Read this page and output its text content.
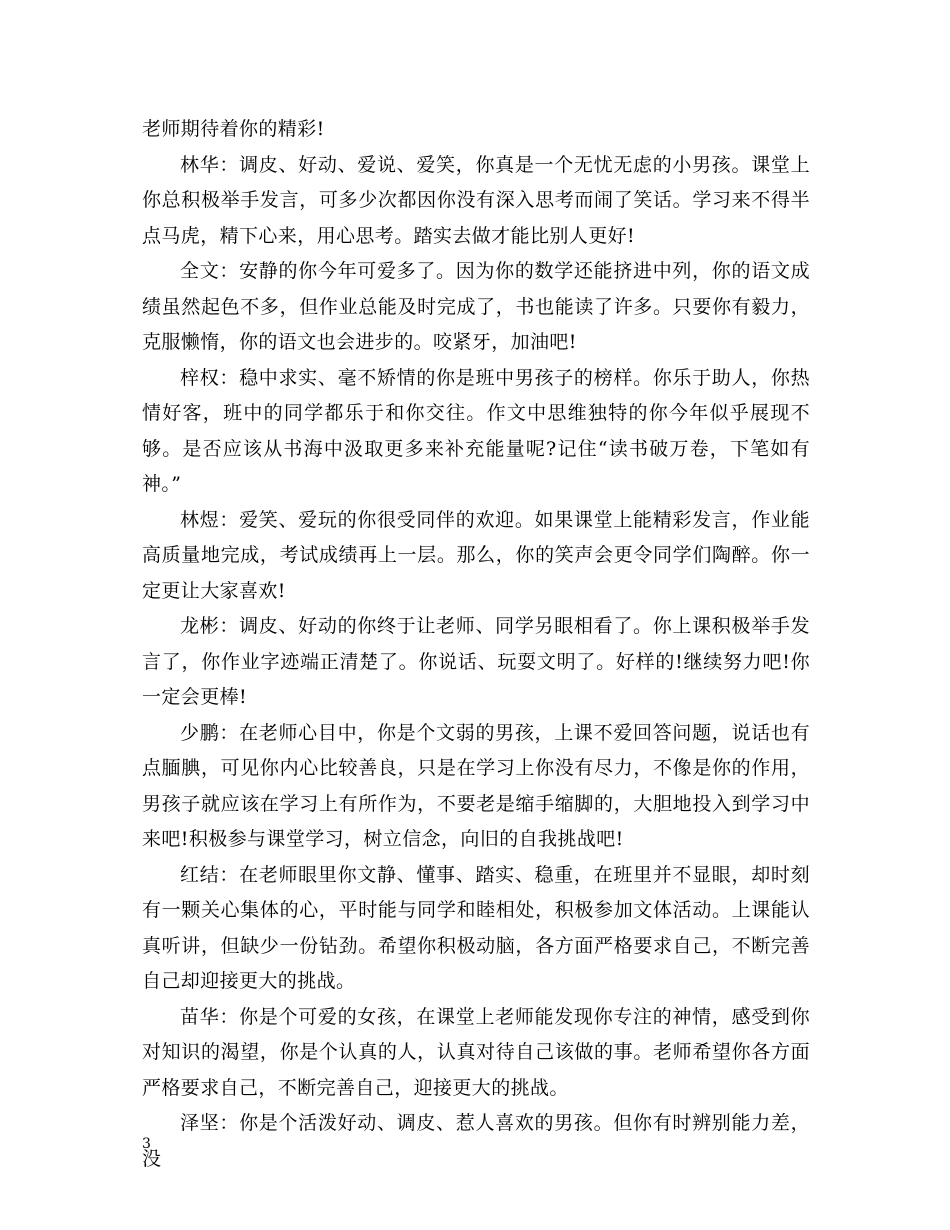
老师期待着你的精彩!

林华：调皮、好动、爱说、爱笑，你真是一个无忧无虑的小男孩。课堂上你总积极举手发言，可多少次都因你没有深入思考而闹了笑话。学习来不得半点马虎，精下心来，用心思考。踏实去做才能比别人更好!

全文：安静的你今年可爱多了。因为你的数学还能挤进中列，你的语文成绩虽然起色不多，但作业总能及时完成了，书也能读了许多。只要你有毅力，克服懒惰，你的语文也会进步的。咬紧牙，加油吧!

梓权：稳中求实、毫不矫情的你是班中男孩子的榜样。你乐于助人，你热情好客，班中的同学都乐于和你交往。作文中思维独特的你今年似乎展现不够。是否应该从书海中汲取更多来补充能量呢?记住“读书破万卷，下笔如有神。”

林煜：爱笑、爱玩的你很受同伴的欢迎。如果课堂上能精彩发言，作业能高质量地完成，考试成绩再上一层。那么，你的笑声会更令同学们陶醉。你一定更让大家喜欢!

龙彬：调皮、好动的你终于让老师、同学另眼相看了。你上课积极举手发言了，你作业字迹端正清楚了。你说话、玩耍文明了。好样的!继续努力吧!你一定会更棒!

少鹏：在老师心目中，你是个文弱的男孩，上课不爱回答问题，说话也有点腼腆，可见你内心比较善良，只是在学习上你没有尽力，不像是你的作用，男孩子就应该在学习上有所作为，不要老是缩手缩脚的，大胆地投入到学习中来吧!积极参与课堂学习，树立信念，向旧的自我挑战吧!

红结：在老师眼里你文静、懂事、踏实、稳重，在班里并不显眼，却时刻有一颗关心集体的心，平时能与同学和睦相处，积极参加文体活动。上课能认真听讲，但缺少一份钻劲。希望你积极动脑，各方面严格要求自己，不断完善自己却迎接更大的挑战。

苗华：你是个可爱的女孩，在课堂上老师能发现你专注的神情，感受到你对知识的渴望，你是个认真的人，认真对待自己该做的事。老师希望你各方面严格要求自己，不断完善自己，迎接更大的挑战。

泽坚：你是个活泼好动、调皮、惹人喜欢的男孩。但你有时辨别能力差，没

3
